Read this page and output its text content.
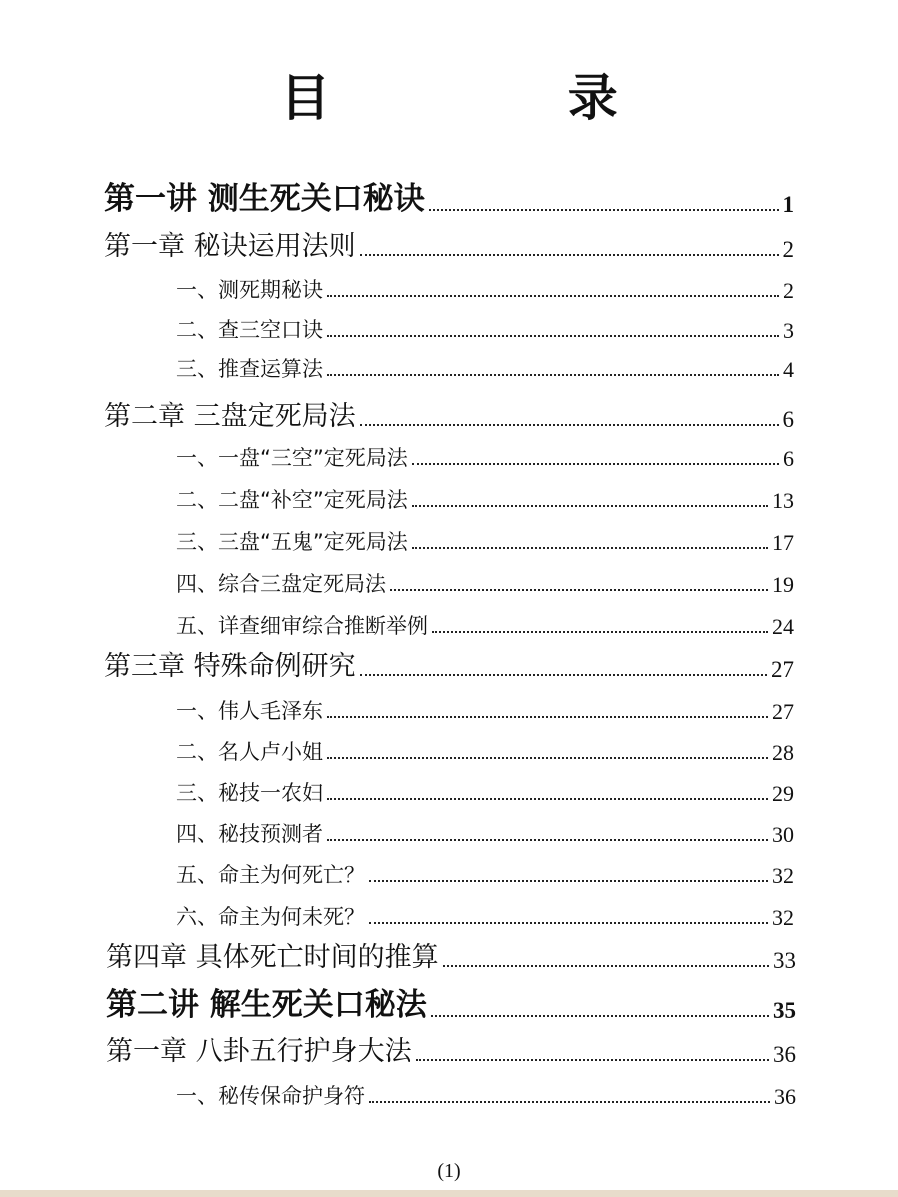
目 录
第一讲 测生死关口秘诀	1
第一章 秘诀运用法则	2
一、测死期秘诀	2
二、查三空口诀	3
三、推查运算法	4
第二章 三盘定死局法	6
一、一盘“三空”定死局法	6
二、二盘“补空”定死局法	13
三、三盘“五鬼”定死局法	17
四、综合三盘定死局法	19
五、详查细审综合推断举例	24
第三章 特殊命例研究	27
一、伟人毛泽东	27
二、名人卢小姐	28
三、秘技一农妇	29
四、秘技预测者	30
五、命主为何死亡？	32
六、命主为何未死？	32
第四章 具体死亡时间的推算	33
第二讲 解生死关口秘法	35
第一章 八卦五行护身大法	36
一、秘传保命护身符	36
(1)
